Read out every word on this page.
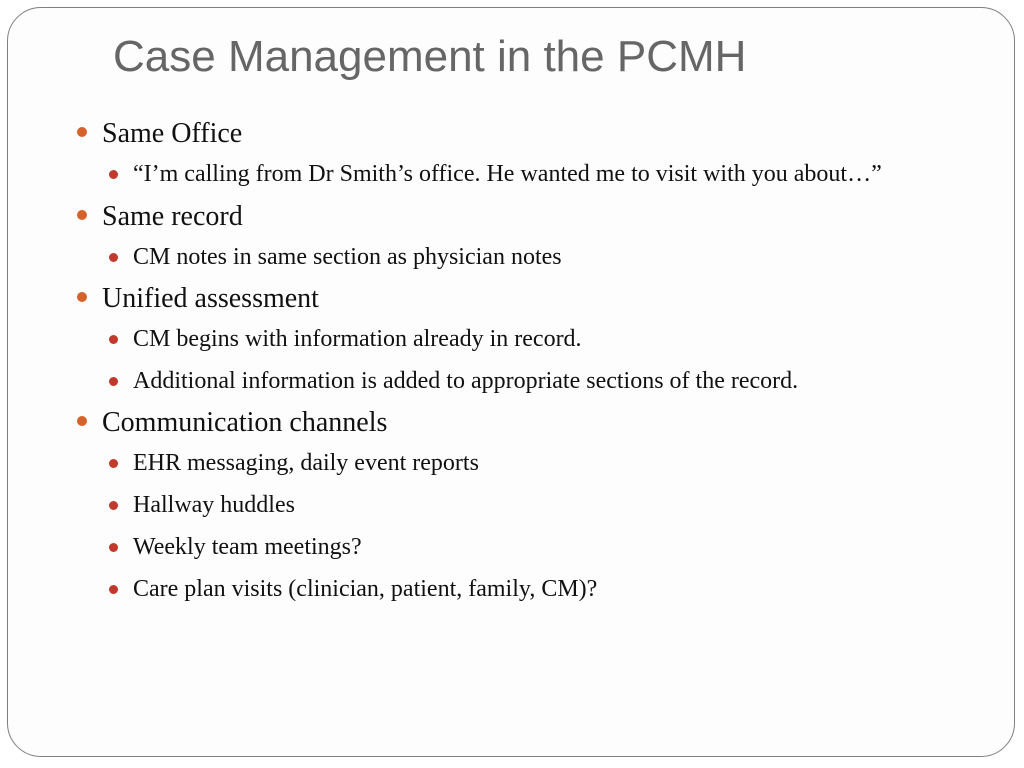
Case Management in the PCMH
Same Office
“I’m calling from Dr Smith’s office. He wanted me to visit with you about…”
Same record
CM notes in same section as physician notes
Unified assessment
CM begins with information already in record.
Additional information is added to appropriate sections of the record.
Communication channels
EHR messaging, daily event reports
Hallway huddles
Weekly team meetings?
Care plan visits (clinician, patient, family, CM)?
